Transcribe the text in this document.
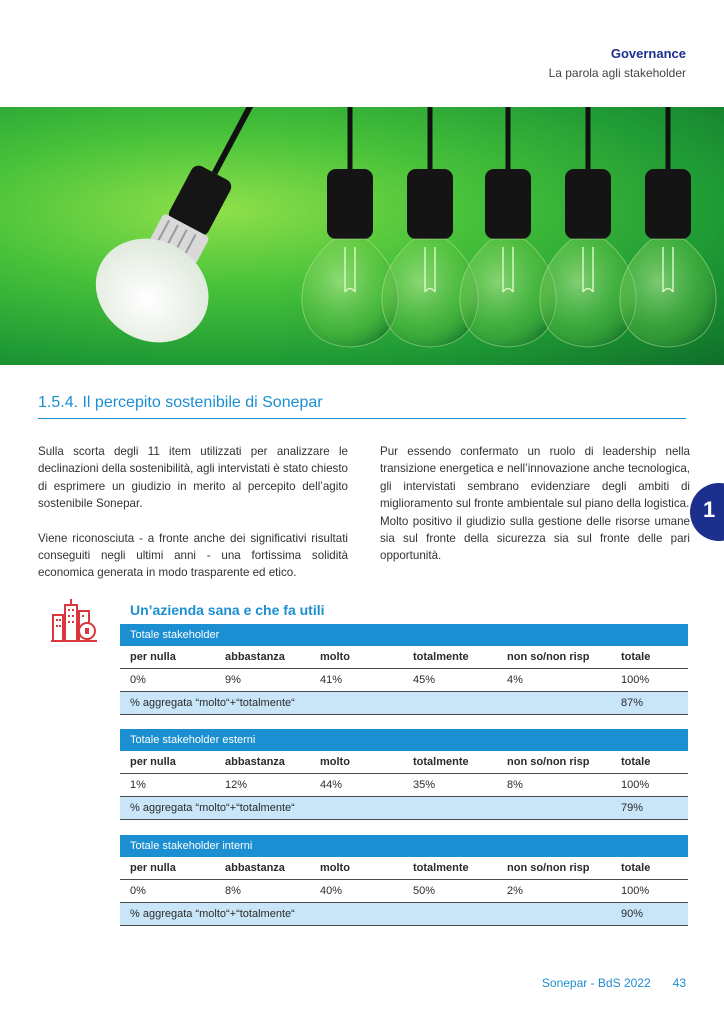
Governance
La parola agli stakeholder
1.5.4. Il percepito sostenibile di Sonepar

Sulla scorta degli 11 item utilizzati per analizzare le declinazioni della sostenibilità, agli intervistati è stato chiesto di esprimere un giudizio in merito al percepito dell’agito sostenibile Sonepar.

Viene riconosciuta - a fronte anche dei significativi risultati conseguiti negli ultimi anni - una fortissima solidità economica generata in modo trasparente ed etico.

Pur essendo confermato un ruolo di leadership nella transizione energetica e nell’innovazione anche tecnologica, gli intervistati sembrano evidenziare degli ambiti di miglioramento sul fronte ambientale sul piano della logistica.

Molto positivo il giudizio sulla gestione delle risorse umane sia sul fronte della sicurezza sia sul fronte delle pari opportunità.

1
Un’azienda sana e che fa utili
Totale stakeholder
per nulla	abbastanza	molto	totalmente	non so/non risp	totale
0%	9%	41%	45%	4%	100%
% aggregata “molto“+“totalmente“	87%
Totale stakeholder esterni
per nulla	abbastanza	molto	totalmente	non so/non risp	totale
1%	12%	44%	35%	8%	100%
% aggregata “molto“+“totalmente“	79%
Totale stakeholder interni
per nulla	abbastanza	molto	totalmente	non so/non risp	totale
0%	8%	40%	50%	2%	100%
% aggregata “molto“+“totalmente“	90%
Sonepar - BdS 2022 43
